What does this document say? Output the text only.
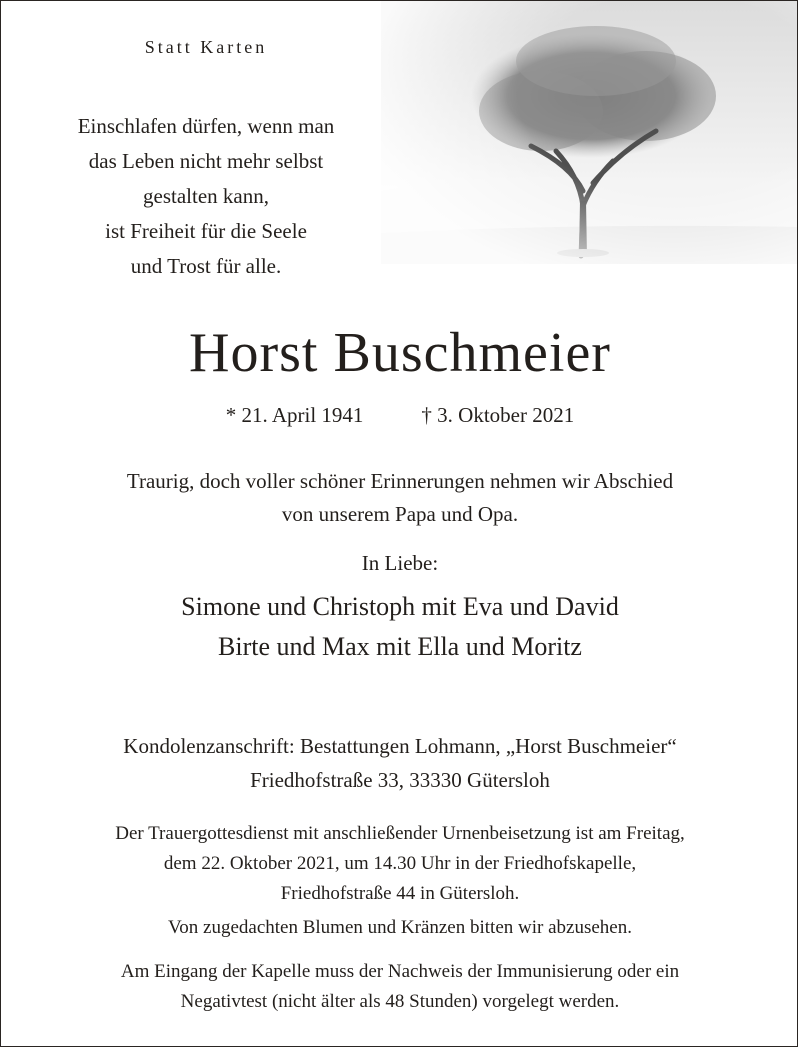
Statt Karten
Einschlafen dürfen, wenn man
das Leben nicht mehr selbst
gestalten kann,
ist Freiheit für die Seele
und Trost für alle.
Horst Buschmeier
* 21. April 1941	† 3. Oktober 2021
Traurig, doch voller schöner Erinnerungen nehmen wir Abschied
von unserem Papa und Opa.
In Liebe:
Simone und Christoph mit Eva und David
Birte und Max mit Ella und Moritz
Kondolenzanschrift: Bestattungen Lohmann, „Horst Buschmeier“
Friedhofstraße 33, 33330 Gütersloh
Der Trauergottesdienst mit anschließender Urnenbeisetzung ist am Freitag,
dem 22. Oktober 2021, um 14.30 Uhr in der Friedhofskapelle,
Friedhofstraße 44 in Gütersloh.
Von zugedachten Blumen und Kränzen bitten wir abzusehen.
Am Eingang der Kapelle muss der Nachweis der Immunisierung oder ein
Negativtest (nicht älter als 48 Stunden) vorgelegt werden.
